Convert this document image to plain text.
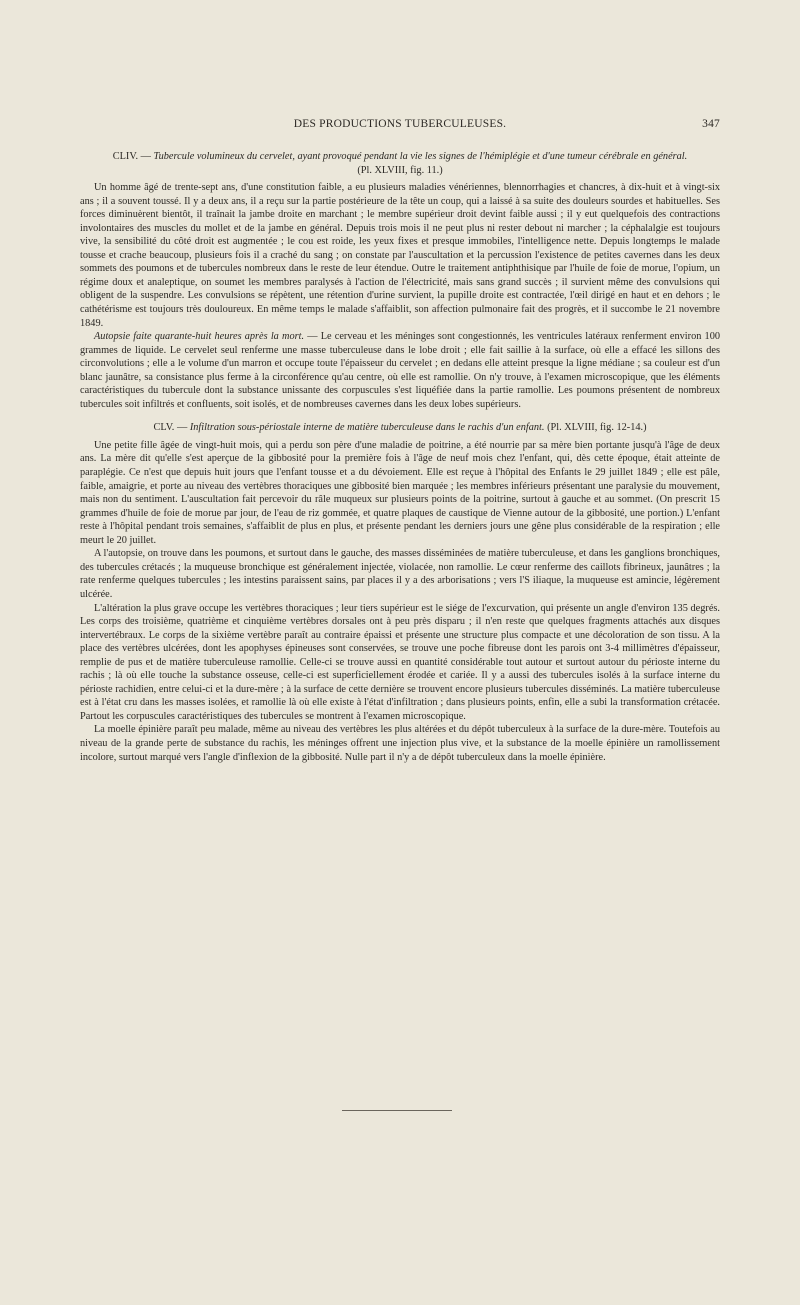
DES PRODUCTIONS TUBERCULEUSES.	347
CLIV. — Tubercule volumineux du cervelet, ayant provoqué pendant la vie les signes de l'hémiplégie et d'une tumeur cérébrale en général.
(Pl. XLVIII, fig. 11.)

Un homme âgé de trente-sept ans, d'une constitution faible, a eu plusieurs maladies vénériennes, blennorrhagies et chancres, à dix-huit et à vingt-six ans ; il a souvent toussé. Il y a deux ans, il a reçu sur la partie postérieure de la tête un coup, qui a laissé à sa suite des douleurs sourdes et habituelles. Ses forces diminuèrent bientôt, il traînait la jambe droite en marchant ; le membre supérieur droit devint faible aussi ; il y eut quelquefois des contractions involontaires des muscles du mollet et de la jambe en général. Depuis trois mois il ne peut plus ni rester debout ni marcher ; la céphalalgie est toujours vive, la sensibilité du côté droit est augmentée ; le cou est roide, les yeux fixes et presque immobiles, l'intelligence nette. Depuis longtemps le malade tousse et crache beaucoup, plusieurs fois il a craché du sang ; on constate par l'auscultation et la percussion l'existence de petites cavernes dans les deux sommets des poumons et de tubercules nombreux dans le reste de leur étendue. Outre le traitement antiphthisique par l'huile de foie de morue, l'opium, un régime doux et analeptique, on soumet les membres paralysés à l'action de l'électricité, mais sans grand succès ; il survient même des convulsions qui obligent de la suspendre. Les convulsions se répètent, une rétention d'urine survient, la pupille droite est contractée, l'œil dirigé en haut et en dehors ; le cathétérisme est toujours très douloureux. En même temps le malade s'affaiblit, son affection pulmonaire fait des progrès, et il succombe le 21 novembre 1849.

Autopsie faite quarante-huit heures après la mort. — Le cerveau et les méninges sont congestionnés, les ventricules latéraux renferment environ 100 grammes de liquide. Le cervelet seul renferme une masse tuberculeuse dans le lobe droit ; elle fait saillie à la surface, où elle a effacé les sillons des circonvolutions ; elle a le volume d'un marron et occupe toute l'épaisseur du cervelet ; en dedans elle atteint presque la ligne médiane ; sa couleur est d'un blanc jaunâtre, sa consistance plus ferme à la circonférence qu'au centre, où elle est ramollie. On n'y trouve, à l'examen microscopique, que les éléments caractéristiques du tubercule dont la substance unissante des corpuscules s'est liquéfiée dans la partie ramollie. Les poumons présentent de nombreux tubercules soit infiltrés et confluents, soit isolés, et de nombreuses cavernes dans les deux lobes supérieurs.

CLV. — Infiltration sous-périostale interne de matière tuberculeuse dans le rachis d'un enfant. (Pl. XLVIII, fig. 12-14.)

Une petite fille âgée de vingt-huit mois, qui a perdu son père d'une maladie de poitrine, a été nourrie par sa mère bien portante jusqu'à l'âge de deux ans. La mère dit qu'elle s'est aperçue de la gibbosité pour la première fois à l'âge de neuf mois chez l'enfant, qui, dès cette époque, était atteinte de paraplégie. Ce n'est que depuis huit jours que l'enfant tousse et a du dévoiement. Elle est reçue à l'hôpital des Enfants le 29 juillet 1849 ; elle est pâle, faible, amaigrie, et porte au niveau des vertèbres thoraciques une gibbosité bien marquée ; les membres inférieurs présentant une paralysie du mouvement, mais non du sentiment. L'auscultation fait percevoir du râle muqueux sur plusieurs points de la poitrine, surtout à gauche et au sommet. (On prescrit 15 grammes d'huile de foie de morue par jour, de l'eau de riz gommée, et quatre plaques de caustique de Vienne autour de la gibbosité, une portion.) L'enfant reste à l'hôpital pendant trois semaines, s'affaiblit de plus en plus, et présente pendant les derniers jours une gêne plus considérable de la respiration ; elle meurt le 20 juillet.

A l'autopsie, on trouve dans les poumons, et surtout dans le gauche, des masses disséminées de matière tuberculeuse, et dans les ganglions bronchiques, des tubercules crétacés ; la muqueuse bronchique est généralement injectée, violacée, non ramollie. Le cœur renferme des caillots fibrineux, jaunâtres ; la rate renferme quelques tubercules ; les intestins paraissent sains, par places il y a des arborisations ; vers l'S iliaque, la muqueuse est amincie, légèrement ulcérée.

L'altération la plus grave occupe les vertèbres thoraciques ; leur tiers supérieur est le siége de l'excurvation, qui présente un angle d'environ 135 degrés. Les corps des troisième, quatrième et cinquième vertèbres dorsales ont à peu près disparu ; il n'en reste que quelques fragments attachés aux disques intervertébraux. Le corps de la sixième vertèbre paraît au contraire épaissi et présente une structure plus compacte et une décoloration de son tissu. A la place des vertèbres ulcérées, dont les apophyses épineuses sont conservées, se trouve une poche fibreuse dont les parois ont 3-4 millimètres d'épaisseur, remplie de pus et de matière tuberculeuse ramollie. Celle-ci se trouve aussi en quantité considérable tout autour et surtout autour du périoste interne du rachis ; là où elle touche la substance osseuse, celle-ci est superficiellement érodée et cariée. Il y a aussi des tubercules isolés à la surface interne du périoste rachidien, entre celui-ci et la dure-mère ; à la surface de cette dernière se trouvent encore plusieurs tubercules disséminés. La matière tuberculeuse est à l'état cru dans les masses isolées, et ramollie là où elle existe à l'état d'infiltration ; dans plusieurs points, enfin, elle a subi la transformation crétacée. Partout les corpuscules caractéristiques des tubercules se montrent à l'examen microscopique.

La moelle épinière paraît peu malade, même au niveau des vertèbres les plus altérées et du dépôt tuberculeux à la surface de la dure-mère. Toutefois au niveau de la grande perte de substance du rachis, les méninges offrent une injection plus vive, et la substance de la moelle épinière un ramollissement incolore, surtout marqué vers l'angle d'inflexion de la gibbosité. Nulle part il n'y a de dépôt tuberculeux dans la moelle épinière.
